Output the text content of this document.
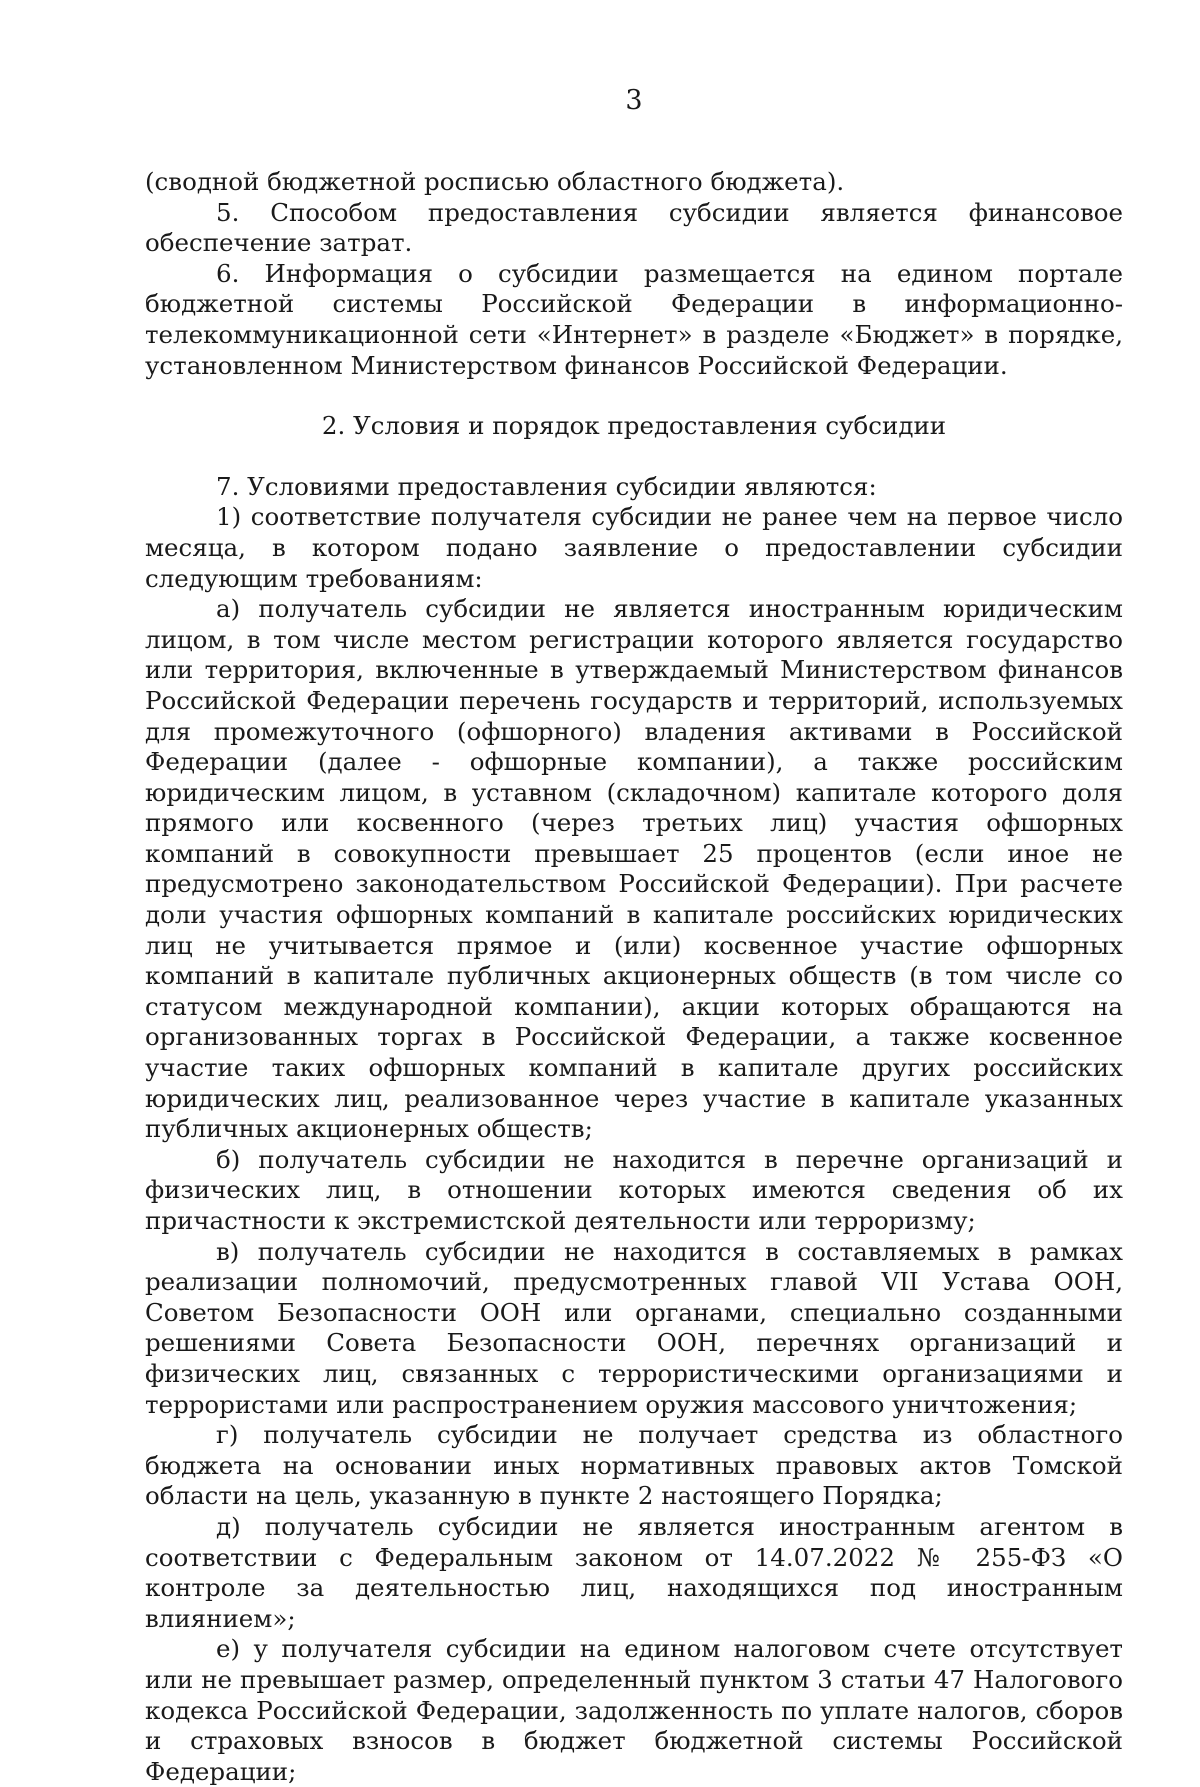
3

(сводной бюджетной росписью областного бюджета).

5. Способом предоставления субсидии является финансовое обеспечение затрат.

6. Информация о субсидии размещается на едином портале бюджетной системы Российской Федерации в информационно-телекоммуникационной сети «Интернет» в разделе «Бюджет» в порядке, установленном Министерством финансов Российской Федерации.

2. Условия и порядок предоставления субсидии

7. Условиями предоставления субсидии являются:

1) соответствие получателя субсидии не ранее чем на первое число месяца, в котором подано заявление о предоставлении субсидии следующим требованиям:

а) получатель субсидии не является иностранным юридическим лицом, в том числе местом регистрации которого является государство или территория, включенные в утверждаемый Министерством финансов Российской Федерации перечень государств и территорий, используемых для промежуточного (офшорного) владения активами в Российской Федерации (далее - офшорные компании), а также российским юридическим лицом, в уставном (складочном) капитале которого доля прямого или косвенного (через третьих лиц) участия офшорных компаний в совокупности превышает 25 процентов (если иное не предусмотрено законодательством Российской Федерации). При расчете доли участия офшорных компаний в капитале российских юридических лиц не учитывается прямое и (или) косвенное участие офшорных компаний в капитале публичных акционерных обществ (в том числе со статусом международной компании), акции которых обращаются на организованных торгах в Российской Федерации, а также косвенное участие таких офшорных компаний в капитале других российских юридических лиц, реализованное через участие в капитале указанных публичных акционерных обществ;

б) получатель субсидии не находится в перечне организаций и физических лиц, в отношении которых имеются сведения об их причастности к экстремистской деятельности или терроризму;

в) получатель субсидии не находится в составляемых в рамках реализации полномочий, предусмотренных главой VII Устава ООН, Советом Безопасности ООН или органами, специально созданными решениями Совета Безопасности ООН, перечнях организаций и физических лиц, связанных с террористическими организациями и террористами или распространением оружия массового уничтожения;

г) получатель субсидии не получает средства из областного бюджета на основании иных нормативных правовых актов Томской области на цель, указанную в пункте 2 настоящего Порядка;

д) получатель субсидии не является иностранным агентом в соответствии с Федеральным законом от 14.07.2022 № 255-ФЗ «О контроле за деятельностью лиц, находящихся под иностранным влиянием»;

е) у получателя субсидии на едином налоговом счете отсутствует или не превышает размер, определенный пунктом 3 статьи 47 Налогового кодекса Российской Федерации, задолженность по уплате налогов, сборов и страховых взносов в бюджет бюджетной системы Российской Федерации;
